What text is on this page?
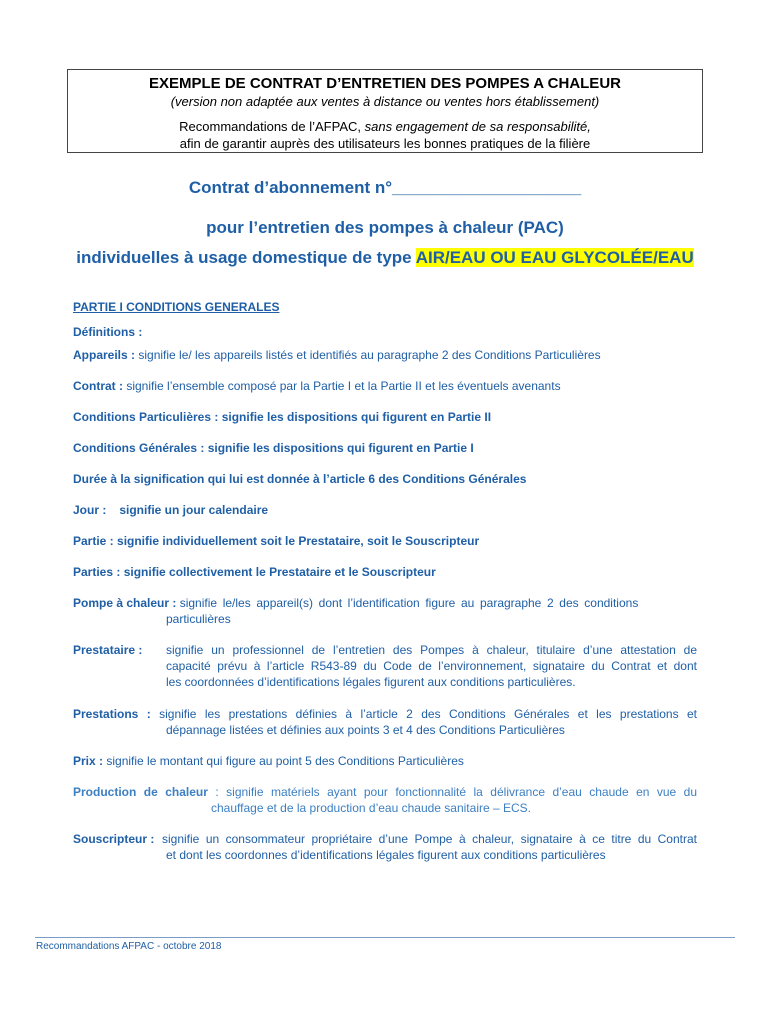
EXEMPLE DE CONTRAT D’ENTRETIEN DES POMPES A CHALEUR
(version non adaptée aux ventes à distance ou ventes hors établissement)
Recommandations de l’AFPAC, sans engagement de sa responsabilité,
afin de garantir auprès des utilisateurs les bonnes pratiques de la filière
Contrat d’abonnement n°____________________
pour l’entretien des pompes à chaleur (PAC)
individuelles à usage domestique de type AIR/EAU OU EAU GLYCOLÉE/EAU
PARTIE I CONDITIONS GENERALES
Définitions :
Appareils : signifie le/ les appareils listés et identifiés au paragraphe 2 des Conditions Particulières
Contrat : signifie l’ensemble composé par la Partie I et la Partie II et les éventuels avenants
Conditions Particulières : signifie les dispositions qui figurent en Partie II
Conditions Générales : signifie les dispositions qui figurent en Partie I
Durée à la signification qui lui est donnée à l’article 6 des Conditions Générales
Jour : signifie un jour calendaire
Partie : signifie individuellement soit le Prestataire, soit le Souscripteur
Parties : signifie collectivement le Prestataire et le Souscripteur
Pompe à chaleur : signifie le/les appareil(s) dont l’identification figure au paragraphe 2 des conditions
particulières
Prestataire :	signifie un professionnel de l’entretien des Pompes à chaleur, titulaire d’une attestation de
capacité prévu à l’article R543-89 du Code de l’environnement, signataire du Contrat et dont
les coordonnées d’identifications légales figurent aux conditions particulières.
Prestations : signifie les prestations définies à l’article 2 des Conditions Générales et les prestations et
dépannage listées et définies aux points 3 et 4 des Conditions Particulières
Prix : signifie le montant qui figure au point 5 des Conditions Particulières
Production de chaleur : signifie matériels ayant pour fonctionnalité la délivrance d’eau chaude en vue du
chauffage et de la production d’eau chaude sanitaire – ECS.
Souscripteur : signifie un consommateur propriétaire d’une Pompe à chaleur, signataire à ce titre du Contrat
et dont les coordonnes d’identifications légales figurent aux conditions particulières
Recommandations AFPAC - octobre 2018
